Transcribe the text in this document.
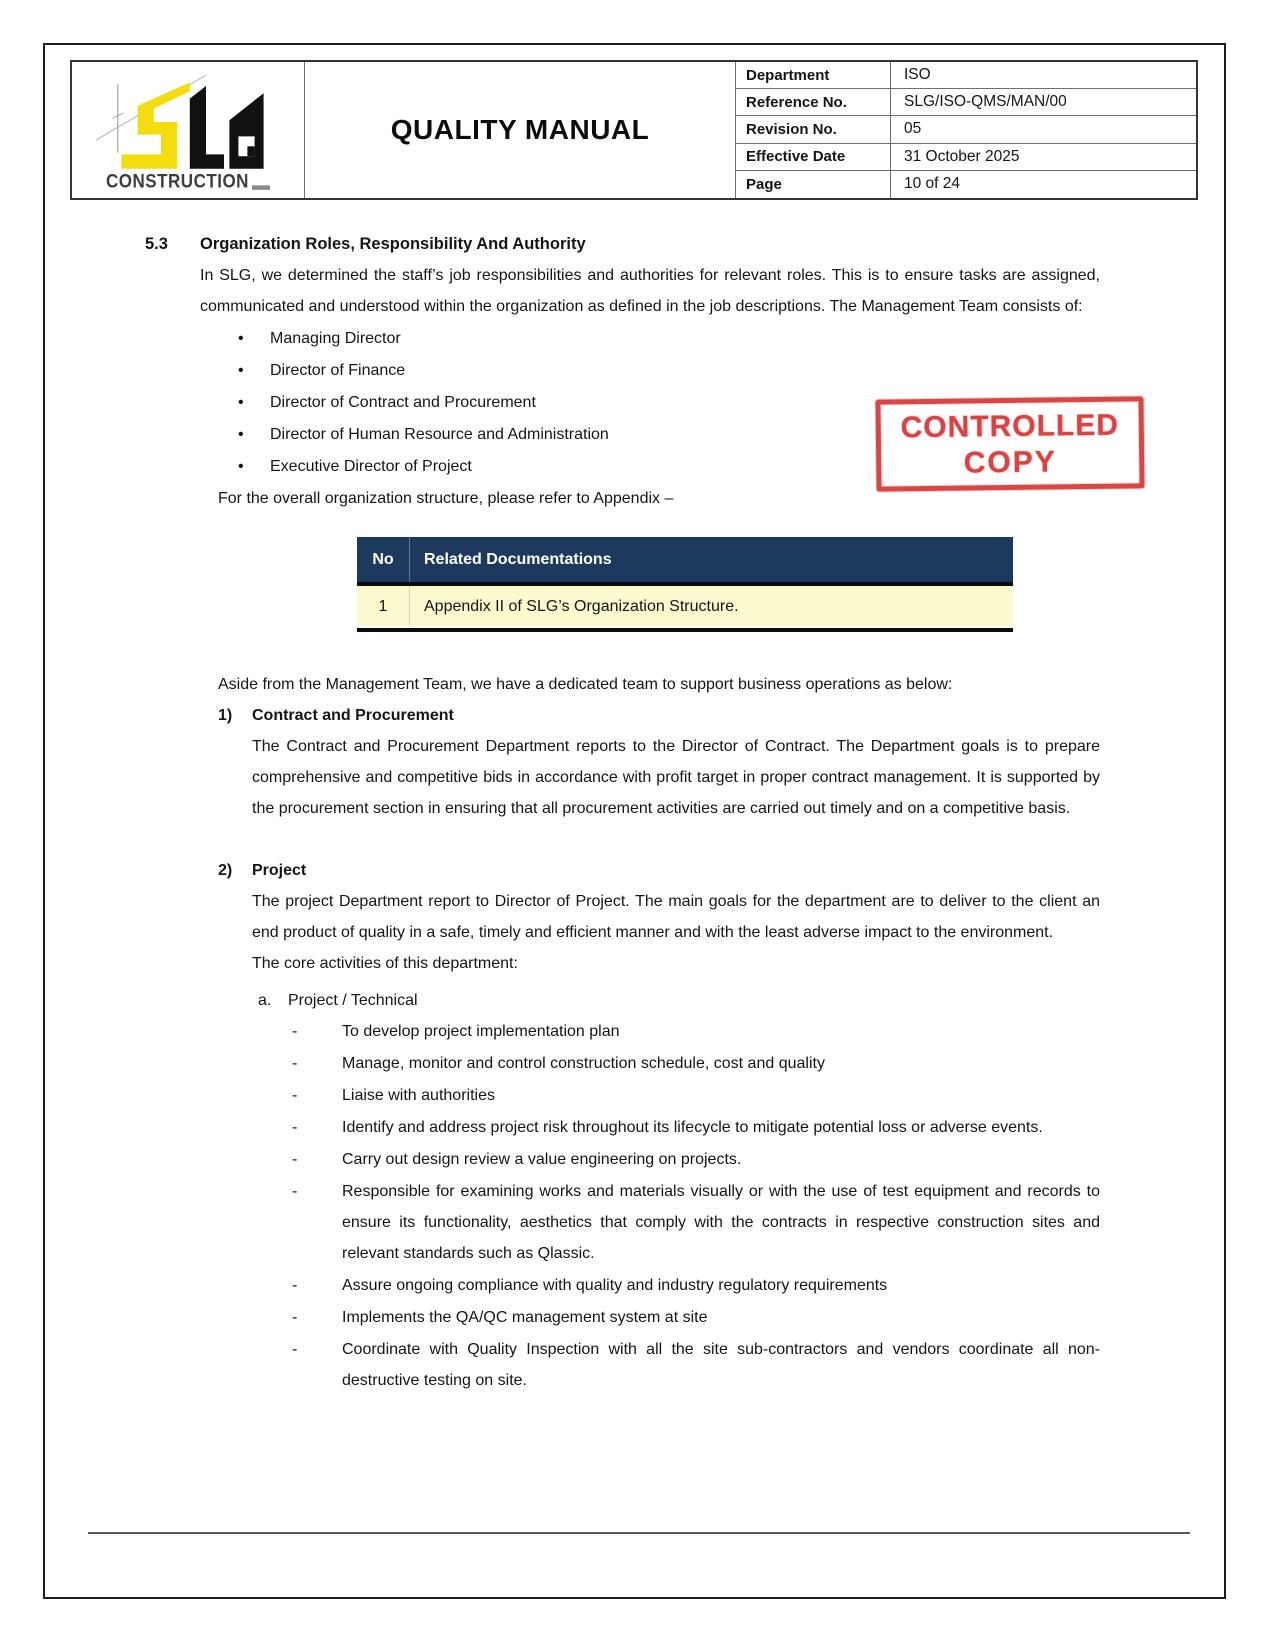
CONSTRUCTION
QUALITY MANUAL
Department	ISO
Reference No.	SLG/ISO-QMS/MAN/00
Revision No.	05
Effective Date	31 October 2025
Page	10 of 24
CONTROLLED
COPY
5.3	Organization Roles, Responsibility And Authority
In SLG, we determined the staff’s job responsibilities and authorities for relevant roles. This is to ensure tasks are assigned, communicated and understood within the organization as defined in the job descriptions. The Management Team consists of:
•	Managing Director
•	Director of Finance
•	Director of Contract and Procurement
•	Director of Human Resource and Administration
•	Executive Director of Project
For the overall organization structure, please refer to Appendix –
No	Related Documentations
1	Appendix II of SLG’s Organization Structure.
Aside from the Management Team, we have a dedicated team to support business operations as below:
1)	Contract and Procurement
The Contract and Procurement Department reports to the Director of Contract. The Department goals is to prepare comprehensive and competitive bids in accordance with profit target in proper contract management. It is supported by the procurement section in ensuring that all procurement activities are carried out timely and on a competitive basis.
2)	Project
The project Department report to Director of Project. The main goals for the department are to deliver to the client an end product of quality in a safe, timely and efficient manner and with the least adverse impact to the environment.
The core activities of this department:
a.	Project / Technical
-	To develop project implementation plan
-	Manage, monitor and control construction schedule, cost and quality
-	Liaise with authorities
-	Identify and address project risk throughout its lifecycle to mitigate potential loss or adverse events.
-	Carry out design review a value engineering on projects.
-	Responsible for examining works and materials visually or with the use of test equipment and records to ensure its functionality, aesthetics that comply with the contracts in respective construction sites and relevant standards such as Qlassic.
-	Assure ongoing compliance with quality and industry regulatory requirements
-	Implements the QA/QC management system at site
-	Coordinate with Quality Inspection with all the site sub-contractors and vendors coordinate all non-destructive testing on site.
